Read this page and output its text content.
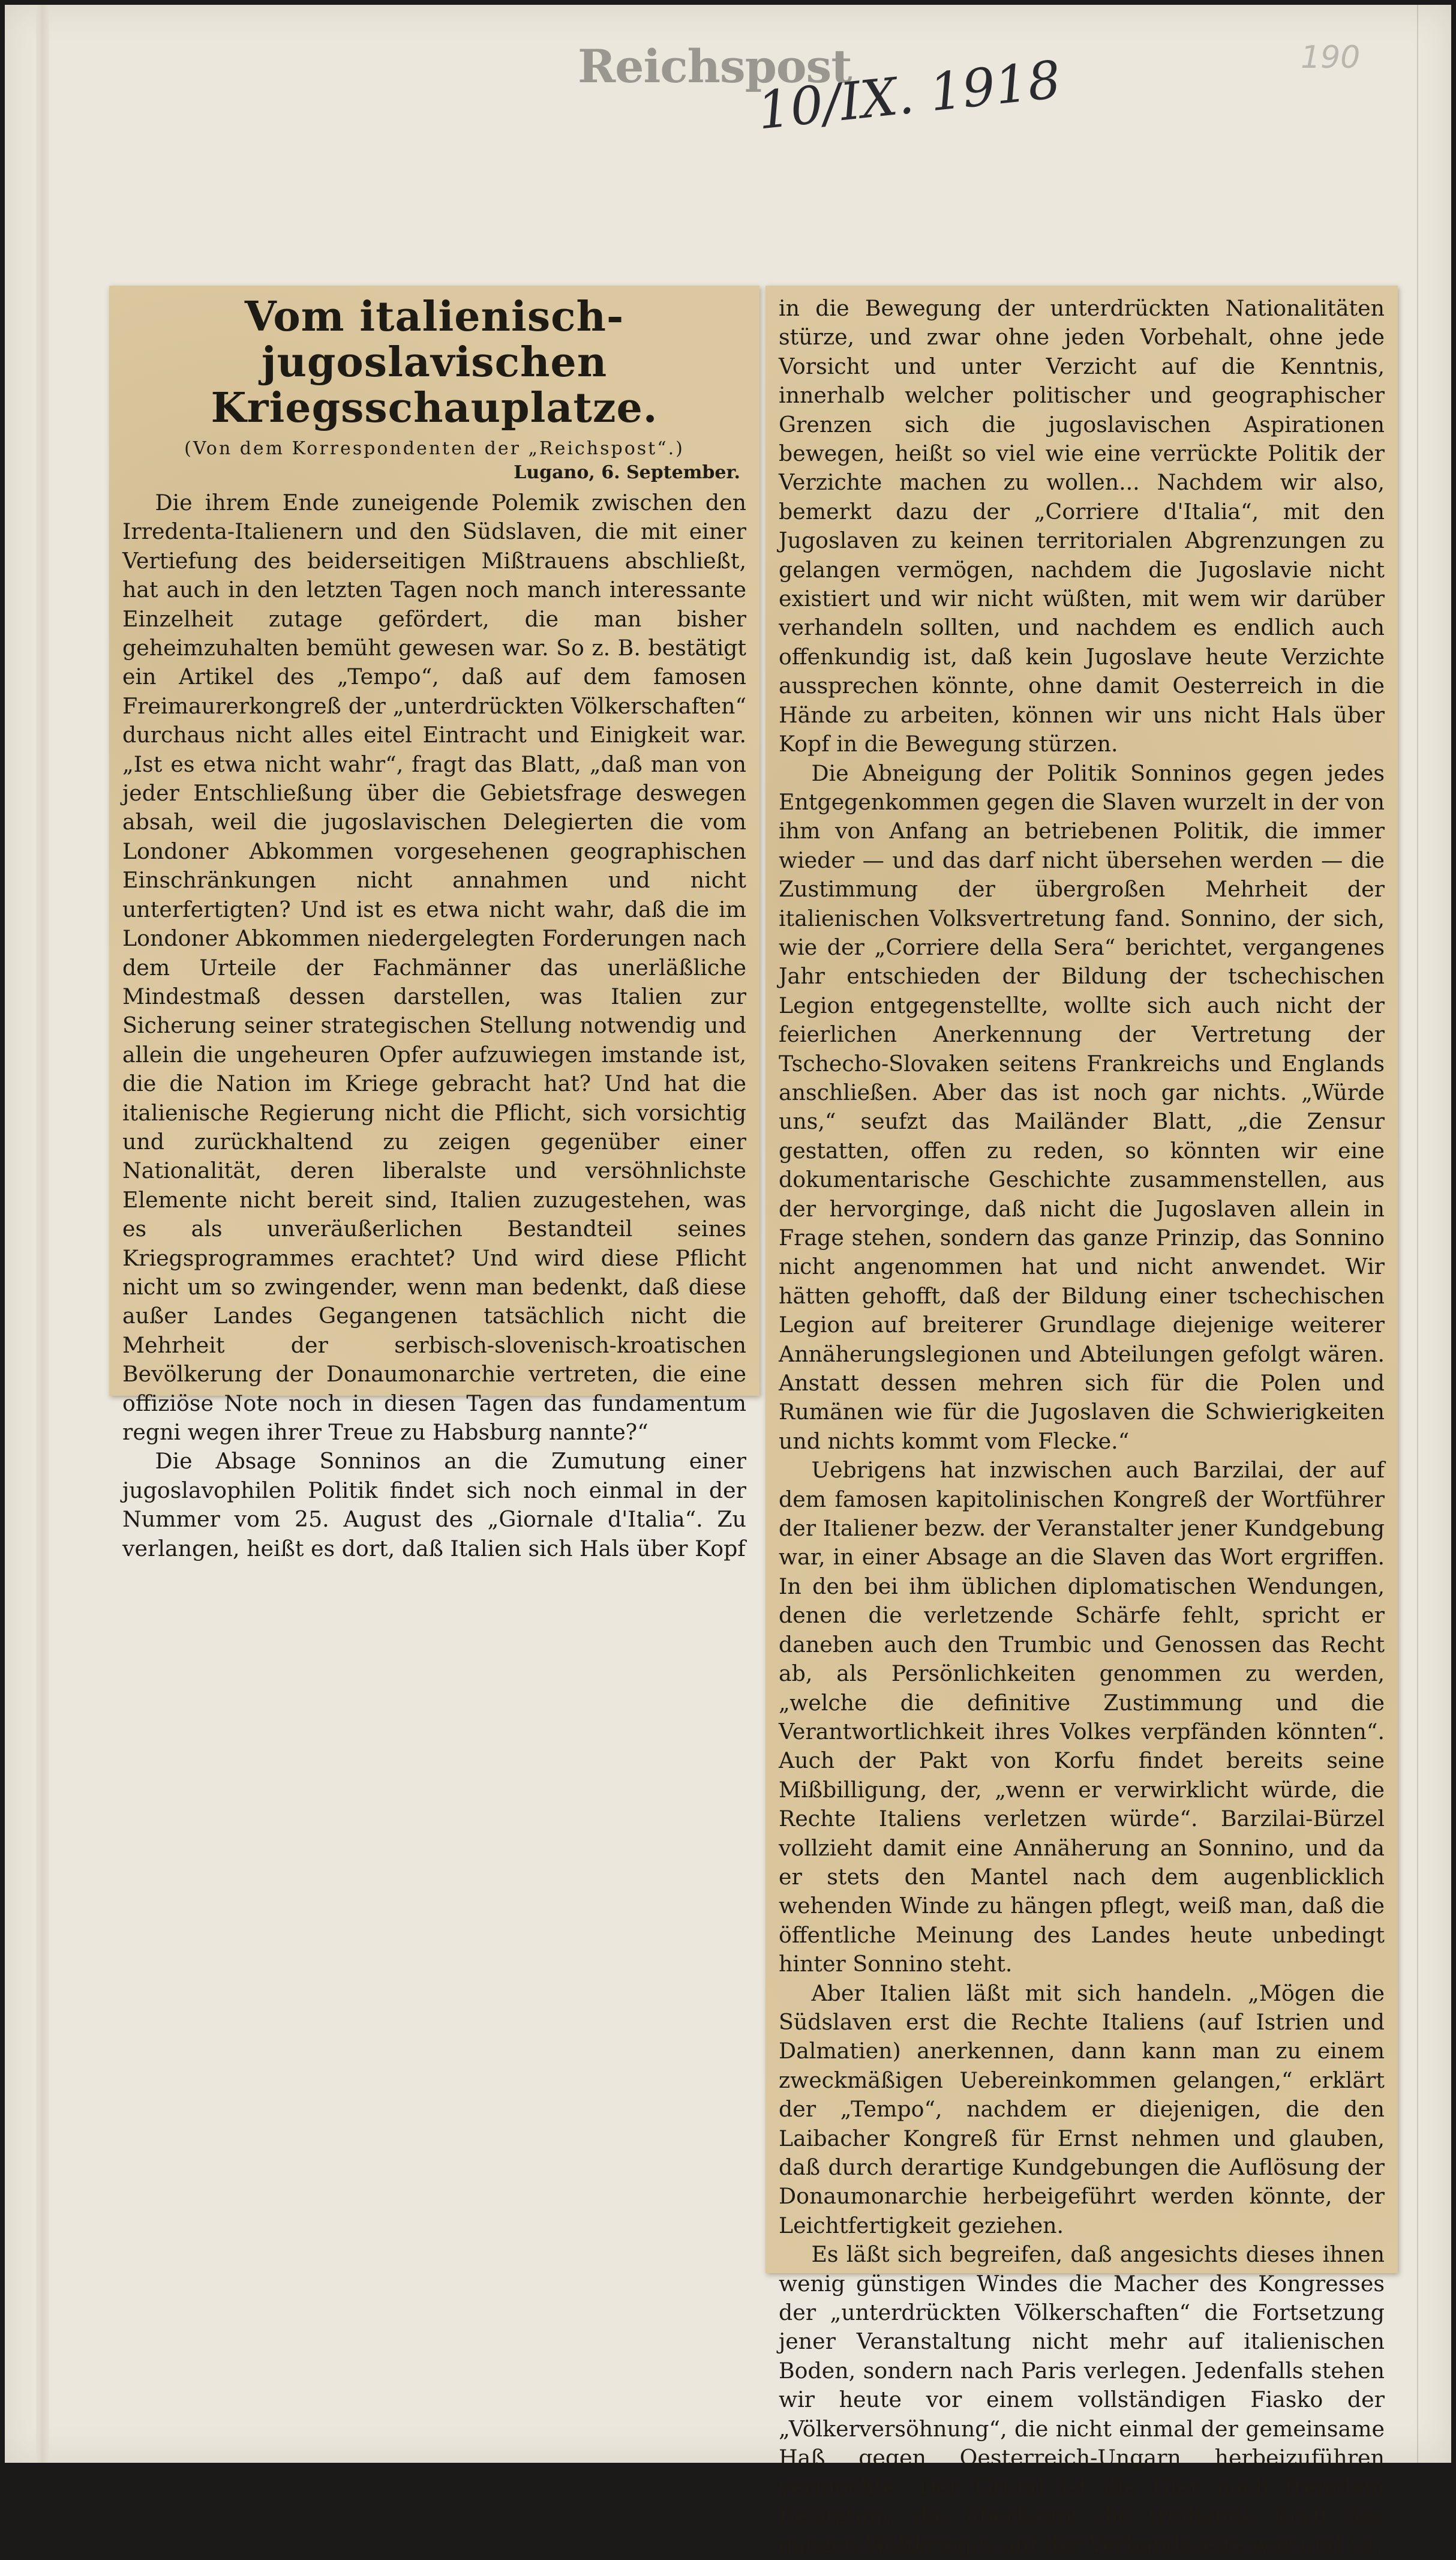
Reichspost
10/IX. 1918	190
Vom italienisch-jugoslavischen Kriegsschauplatze.

(Von dem Korrespondenten der „Reichspost“.)

Lugano, 6. September.

Die ihrem Ende zuneigende Polemik zwischen den Irredenta-Italienern und den Südslaven, die mit einer Vertiefung des beiderseitigen Mißtrauens abschließt, hat auch in den letzten Tagen noch manch interessante Einzelheit zutage gefördert, die man bisher geheimzuhalten bemüht gewesen war. So z. B. bestätigt ein Artikel des „Tempo“, daß auf dem famosen Freimaurerkongreß der „unterdrückten Völkerschaften“ durchaus nicht alles eitel Eintracht und Einigkeit war. „Ist es etwa nicht wahr“, fragt das Blatt, „daß man von jeder Entschließung über die Gebietsfrage deswegen absah, weil die jugoslavischen Delegierten die vom Londoner Abkommen vorgesehenen geographischen Einschränkungen nicht annahmen und nicht unterfertigten? Und ist es etwa nicht wahr, daß die im Londoner Abkommen niedergelegten Forderungen nach dem Urteile der Fachmänner das unerläßliche Mindestmaß dessen darstellen, was Italien zur Sicherung seiner strategischen Stellung notwendig und allein die ungeheuren Opfer aufzuwiegen imstande ist, die die Nation im Kriege gebracht hat? Und hat die italienische Regierung nicht die Pflicht, sich vorsichtig und zurückhaltend zu zeigen gegenüber einer Nationalität, deren liberalste und versöhnlichste Elemente nicht bereit sind, Italien zuzugestehen, was es als unveräußerlichen Bestandteil seines Kriegsprogrammes erachtet? Und wird diese Pflicht nicht um so zwingender, wenn man bedenkt, daß diese außer Landes Gegangenen tatsächlich nicht die Mehrheit der serbisch-slovenisch-kroatischen Bevölkerung der Donaumonarchie vertreten, die eine offiziöse Note noch in diesen Tagen das fundamentum regni wegen ihrer Treue zu Habsburg nannte?“

Die Absage Sonninos an die Zumutung einer jugoslavophilen Politik findet sich noch einmal in der Nummer vom 25. August des „Giornale d'Italia“. Zu verlangen, heißt es dort, daß Italien sich Hals über Kopf

in die Bewegung der unterdrückten Nationalitäten stürze, und zwar ohne jeden Vorbehalt, ohne jede Vorsicht und unter Verzicht auf die Kenntnis, innerhalb welcher politischer und geographischer Grenzen sich die jugoslavischen Aspirationen bewegen, heißt so viel wie eine verrückte Politik der Verzichte machen zu wollen... Nachdem wir also, bemerkt dazu der „Corriere d'Italia“, mit den Jugoslaven zu keinen territorialen Abgrenzungen zu gelangen vermögen, nachdem die Jugoslavie nicht existiert und wir nicht wüßten, mit wem wir darüber verhandeln sollten, und nachdem es endlich auch offenkundig ist, daß kein Jugoslave heute Verzichte aussprechen könnte, ohne damit Oesterreich in die Hände zu arbeiten, können wir uns nicht Hals über Kopf in die Bewegung stürzen.

Die Abneigung der Politik Sonninos gegen jedes Entgegenkommen gegen die Slaven wurzelt in der von ihm von Anfang an betriebenen Politik, die immer wieder — und das darf nicht übersehen werden — die Zustimmung der übergroßen Mehrheit der italienischen Volksvertretung fand. Sonnino, der sich, wie der „Corriere della Sera“ berichtet, vergangenes Jahr entschieden der Bildung der tschechischen Legion entgegenstellte, wollte sich auch nicht der feierlichen Anerkennung der Vertretung der Tschecho-Slovaken seitens Frankreichs und Englands anschließen. Aber das ist noch gar nichts. „Würde uns,“ seufzt das Mailänder Blatt, „die Zensur gestatten, offen zu reden, so könnten wir eine dokumentarische Geschichte zusammenstellen, aus der hervorginge, daß nicht die Jugoslaven allein in Frage stehen, sondern das ganze Prinzip, das Sonnino nicht angenommen hat und nicht anwendet. Wir hätten gehofft, daß der Bildung einer tschechischen Legion auf breiterer Grundlage diejenige weiterer Annäherungslegionen und Abteilungen gefolgt wären. Anstatt dessen mehren sich für die Polen und Rumänen wie für die Jugoslaven die Schwierigkeiten und nichts kommt vom Flecke.“

Uebrigens hat inzwischen auch Barzilai, der auf dem famosen kapitolinischen Kongreß der Wortführer der Italiener bezw. der Veranstalter jener Kundgebung war, in einer Absage an die Slaven das Wort ergriffen. In den bei ihm üblichen diplomatischen Wendungen, denen die verletzende Schärfe fehlt, spricht er daneben auch den Trumbic und Genossen das Recht ab, als Persönlichkeiten genommen zu werden, „welche die definitive Zustimmung und die Verantwortlichkeit ihres Volkes verpfänden könnten“. Auch der Pakt von Korfu findet bereits seine Mißbilligung, der, „wenn er verwirklicht würde, die Rechte Italiens verletzen würde“. Barzilai-Bürzel vollzieht damit eine Annäherung an Sonnino, und da er stets den Mantel nach dem augenblicklich wehenden Winde zu hängen pflegt, weiß man, daß die öffentliche Meinung des Landes heute unbedingt hinter Sonnino steht.

Aber Italien läßt mit sich handeln. „Mögen die Südslaven erst die Rechte Italiens (auf Istrien und Dalmatien) anerkennen, dann kann man zu einem zweckmäßigen Uebereinkommen gelangen,“ erklärt der „Tempo“, nachdem er diejenigen, die den Laibacher Kongreß für Ernst nehmen und glauben, daß durch derartige Kundgebungen die Auflösung der Donaumonarchie herbeigeführt werden könnte, der Leichtfertigkeit geziehen.

Es läßt sich begreifen, daß angesichts dieses ihnen wenig günstigen Windes die Macher des Kongresses der „unterdrückten Völkerschaften“ die Fortsetzung jener Veranstaltung nicht mehr auf italienischen Boden, sondern nach Paris verlegen. Jedenfalls stehen wir heute vor einem vollständigen Fiasko der „Völkerversöhnung“, die nicht einmal der gemeinsame Haß gegen Oesterreich-Ungarn herbeizuführen vermochte. Der Grund ist die Gier nach fremdem Besitztum, die überhaupt die treibende Kraft des ganzen Weltkrieges auf der Verbandsseite war und ist.
